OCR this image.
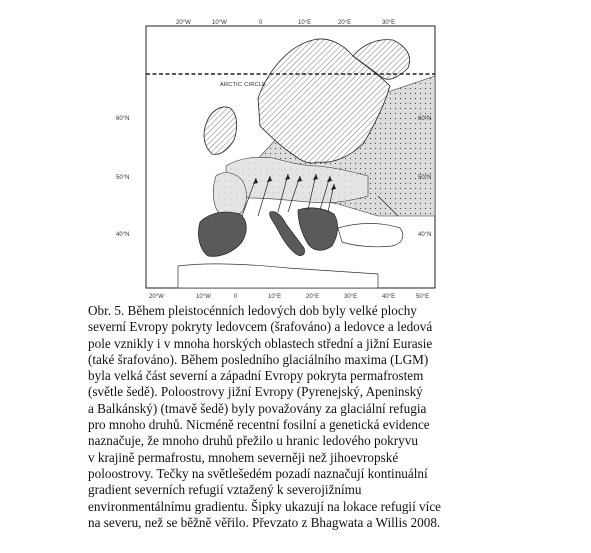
ARCTIC CIRCLE
20°W	10°W	0	10°E	20°E	30°E
20°W	10°W	0	10°E	20°E	30°E	40°E	50°E
60°N
50°N
40°N
60°N
50°N
40°N
Obr. 5. Během pleistocénních ledových dob byly velké plochy
severní Evropy pokryty ledovcem (šrafováno) a ledovce a ledová
pole vznikly i v mnoha horských oblastech střední a jižní Eurasie
(také šrafováno). Během posledního glaciálního maxima (LGM)
byla velká část severní a západní Evropy pokryta permafrostem
(světle šedě). Poloostrovy jižní Evropy (Pyrenejský, Apeninský
a Balkánský) (tmavě šedě) byly považovány za glaciální refugia
pro mnoho druhů. Nicméně recentní fosilní a genetická evidence
naznačuje, že mnoho druhů přežilo u hranic ledového pokryvu
v krajině permafrostu, mnohem severněji než jihoevropské
poloostrovy. Tečky na světlešedém pozadí naznačují kontinuální
gradient severních refugií vztažený k severojižnímu
environmentálnímu gradientu. Šipky ukazují na lokace refugií více
na severu, než se běžně věřilo. Převzato z Bhagwata a Willis 2008.
